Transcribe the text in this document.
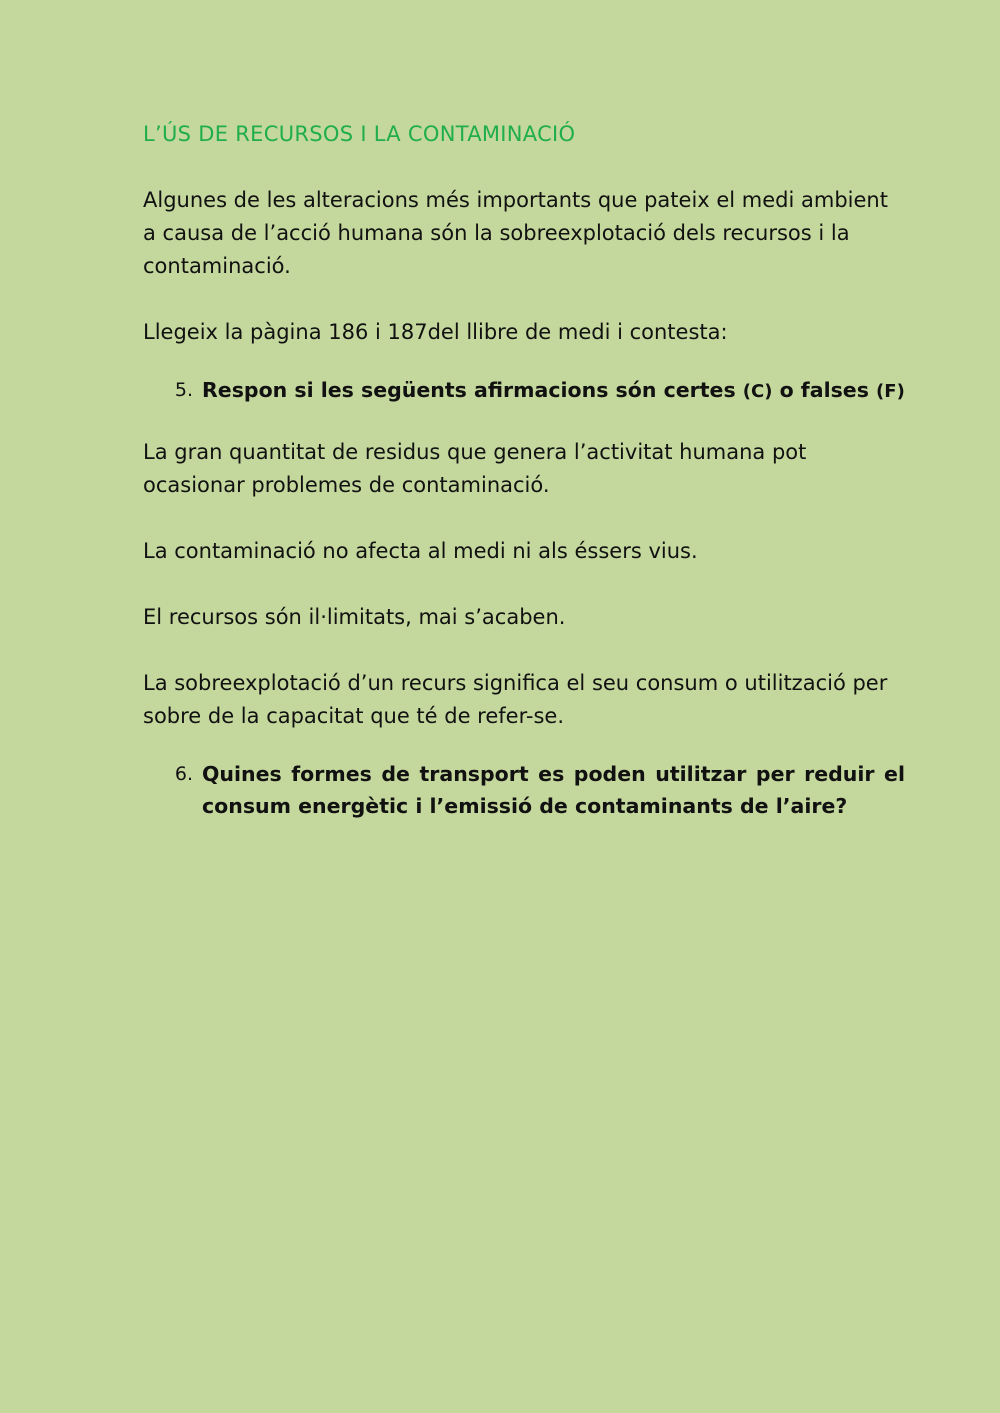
L’ÚS DE RECURSOS I LA CONTAMINACIÓ

Algunes de les alteracions més importants que pateix el medi ambient a causa de l’acció humana són la sobreexplotació dels recursos i la contaminació.

Llegeix la pàgina 186 i 187del llibre de medi i contesta:

5. Respon si les següents afirmacions són certes (C) o falses (F)

La gran quantitat de residus que genera l’activitat humana pot ocasionar problemes de contaminació.

La contaminació no afecta al medi ni als éssers vius.

El recursos són il·limitats, mai s’acaben.

La sobreexplotació d’un recurs significa el seu consum o utilització per sobre de la capacitat que té de refer-se.

6. Quines formes de transport es poden utilitzar per reduir el consum energètic i l’emissió de contaminants de l’aire?
